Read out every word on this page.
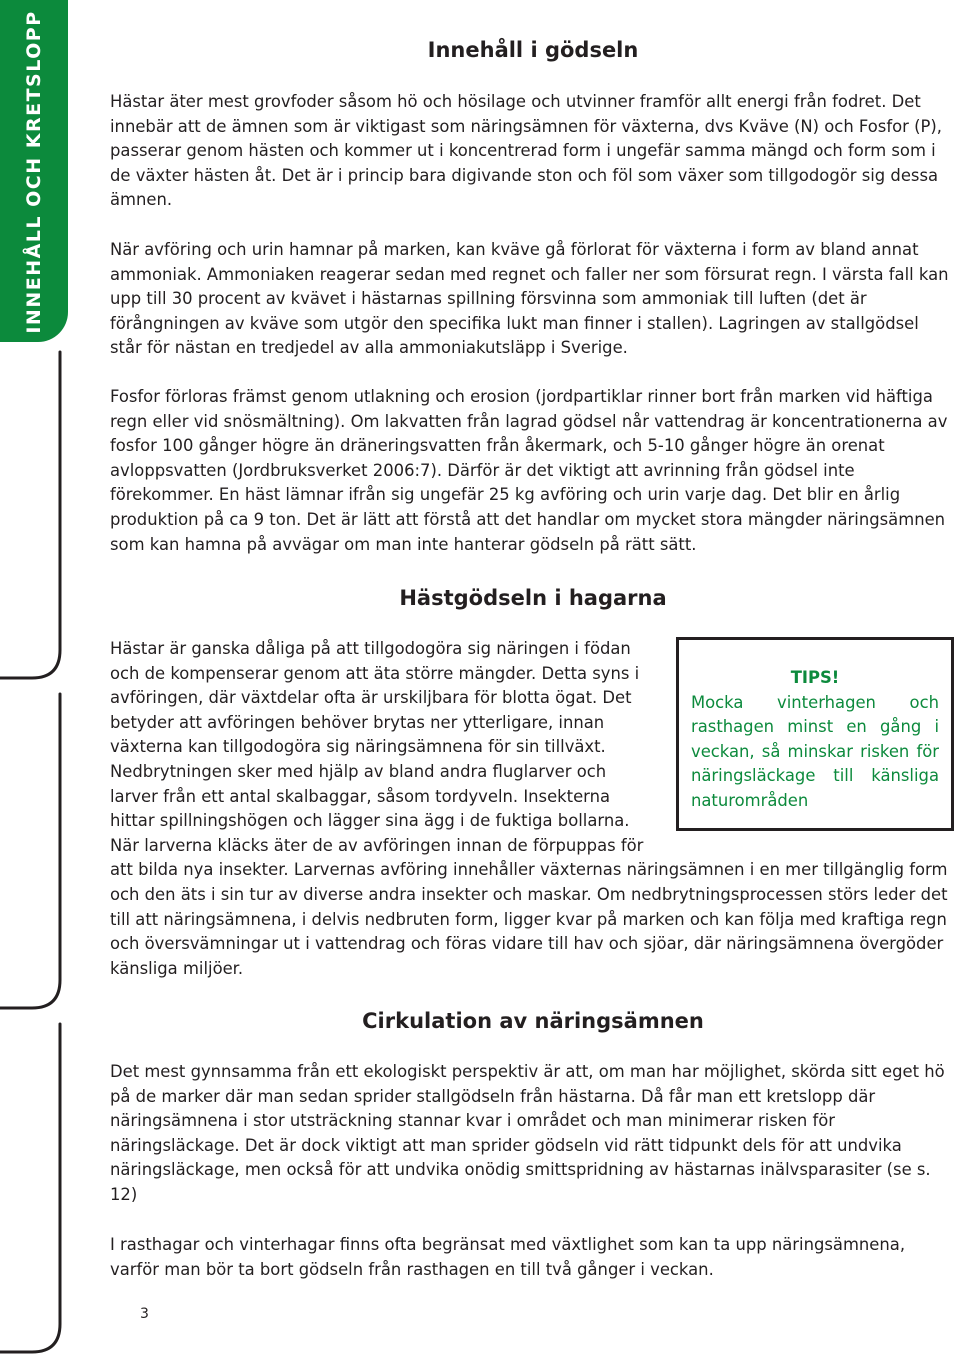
INNEHÅLL OCH KRETSLOPP	Innehåll i gödseln

Hästar äter mest grovfoder såsom hö och hösilage och utvinner framför allt energi från fodret. Det innebär att de ämnen som är viktigast som näringsämnen för växterna, dvs Kväve (N) och Fosfor (P), passerar genom hästen och kommer ut i koncentrerad form i ungefär samma mängd och form som i de växter hästen åt. Det är i princip bara digivande ston och föl som växer som tillgodogör sig dessa ämnen.

När avföring och urin hamnar på marken, kan kväve gå förlorat för växterna i form av bland annat ammoniak. Ammoniaken reagerar sedan med regnet och faller ner som försurat regn. I värsta fall kan upp till 30 procent av kvävet i hästarnas spillning försvinna som ammoniak till luften (det är förångningen av kväve som utgör den specifika lukt man finner i stallen). Lagringen av stallgödsel står för nästan en tredjedel av alla ammoniakutsläpp i Sverige.

Fosfor förloras främst genom utlakning och erosion (jordpartiklar rinner bort från marken vid häftiga regn eller vid snösmältning). Om lakvatten från lagrad gödsel når vattendrag är koncentrationerna av fosfor 100 gånger högre än dräneringsvatten från åkermark, och 5-10 gånger högre än orenat avloppsvatten (Jordbruksverket 2006:7). Därför är det viktigt att avrinning från gödsel inte förekommer. En häst lämnar ifrån sig ungefär 25 kg avföring och urin varje dag. Det blir en årlig produktion på ca 9 ton. Det är lätt att förstå att det handlar om mycket stora mängder näringsämnen som kan hamna på avvägar om man inte hanterar gödseln på rätt sätt.

Hästgödseln i hagarna
TIPS!
Mocka vinterhagen och rasthagen minst en gång i veckan, så minskar risken för näringsläckage till känsliga naturområden
Hästar är ganska dåliga på att tillgodogöra sig näringen i födan och de kompenserar genom att äta större mängder. Detta syns i avföringen, där växtdelar ofta är urskiljbara för blotta ögat. Det betyder att avföringen behöver brytas ner ytterligare, innan växterna kan tillgodogöra sig näringsämnena för sin tillväxt. Nedbrytningen sker med hjälp av bland andra fluglarver och larver från ett antal skalbaggar, såsom tordyveln. Insekterna hittar spillningshögen och lägger sina ägg i de fuktiga bollarna. När larverna kläcks äter de av avföringen innan de förpuppas för att bilda nya insekter. Larvernas avföring innehåller växternas näringsämnen i en mer tillgänglig form och den äts i sin tur av diverse andra insekter och maskar. Om nedbrytningsprocessen störs leder det till att näringsämnena, i delvis nedbruten form, ligger kvar på marken och kan följa med kraftiga regn och översvämningar ut i vattendrag och föras vidare till hav och sjöar, där näringsämnena övergöder känsliga miljöer.
Cirkulation av näringsämnen

Det mest gynnsamma från ett ekologiskt perspektiv är att, om man har möjlighet, skörda sitt eget hö på de marker där man sedan sprider stallgödseln från hästarna. Då får man ett kretslopp där näringsämnena i stor utsträckning stannar kvar i området och man minimerar risken för näringsläckage. Det är dock viktigt att man sprider gödseln vid rätt tidpunkt dels för att undvika näringsläckage, men också för att undvika onödig smittspridning av hästarnas inälvsparasiter (se s. 12)

I rasthagar och vinterhagar finns ofta begränsat med växtlighet som kan ta upp näringsämnena, varför man bör ta bort gödseln från rasthagen en till två gånger i veckan.

3
